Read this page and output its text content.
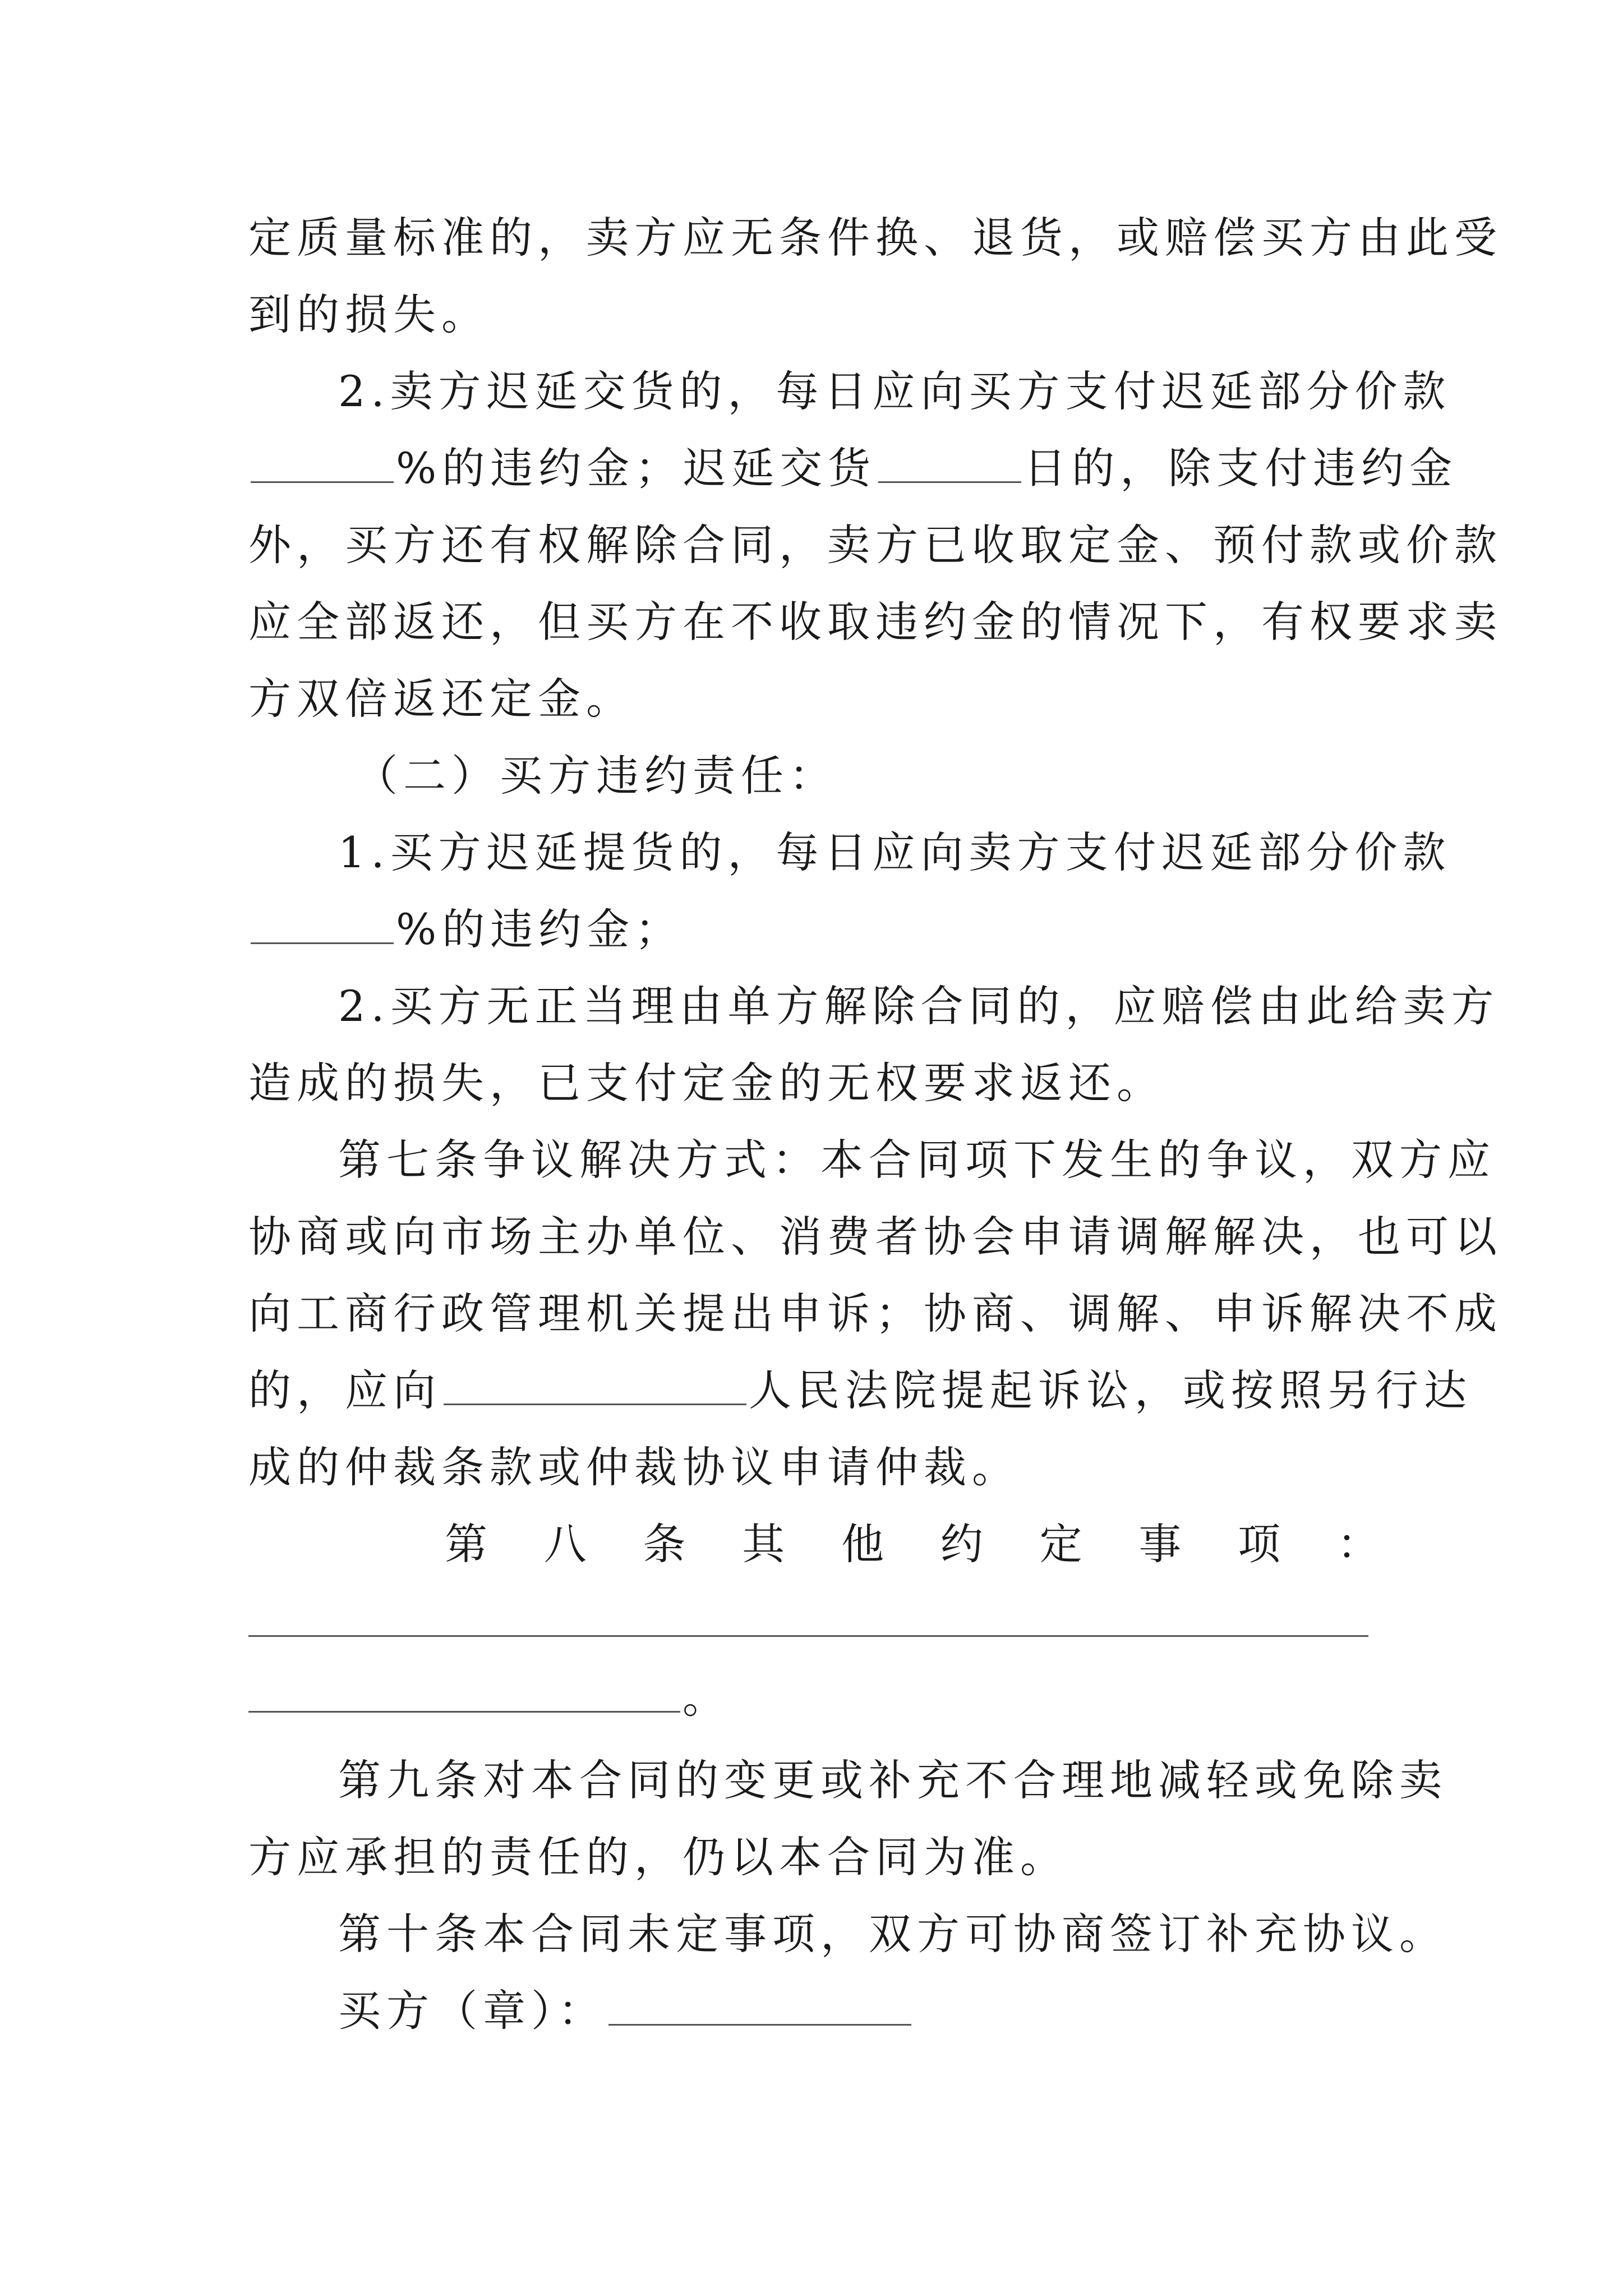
定质量标准的，卖方应无条件换、退货，或赔偿买方由此受
到的损失。
2.卖方迟延交货的，每日应向买方支付迟延部分价款
%的违约金；迟延交货	日的，除支付违约金
外，买方还有权解除合同，卖方已收取定金、预付款或价款
应全部返还，但买方在不收取违约金的情况下，有权要求卖
方双倍返还定金。
（二）买方违约责任：
1.买方迟延提货的，每日应向卖方支付迟延部分价款
%的违约金；
2.买方无正当理由单方解除合同的，应赔偿由此给卖方
造成的损失，已支付定金的无权要求返还。
第七条争议解决方式：本合同项下发生的争议，双方应
协商或向市场主办单位、消费者协会申请调解解决，也可以
向工商行政管理机关提出申诉；协商、调解、申诉解决不成
的，应向	人民法院提起诉讼，或按照另行达
成的仲裁条款或仲裁协议申请仲裁。
第 八 条 其 他 约 定 事 项 ：
。
第九条对本合同的变更或补充不合理地减轻或免除卖
方应承担的责任的，仍以本合同为准。
第十条本合同未定事项，双方可协商签订补充协议。
买方（章）：
